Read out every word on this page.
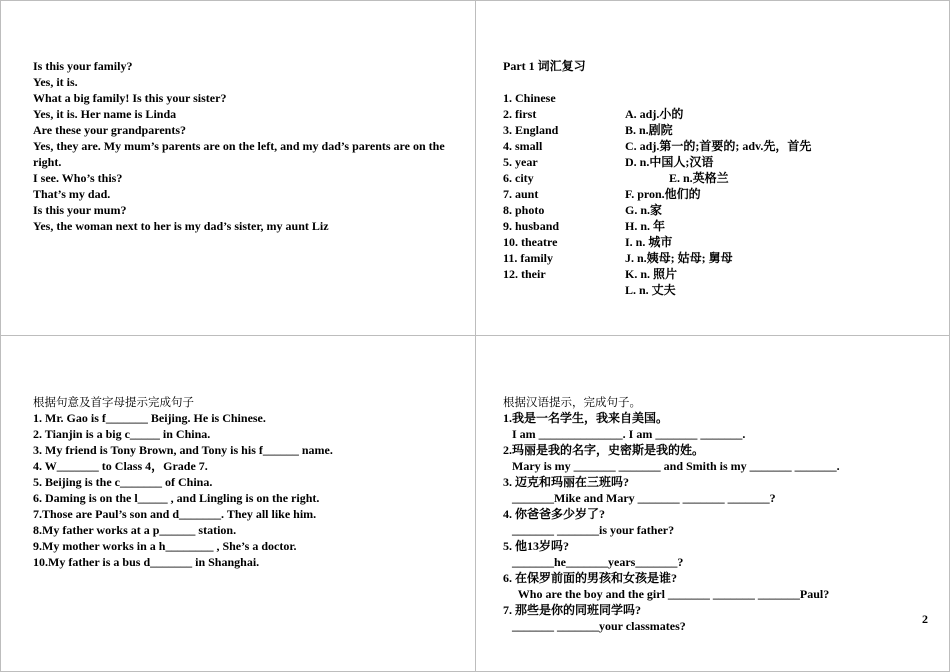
Is this your family?
Yes, it is.
What a big family! Is this your sister?
Yes, it is. Her name is Linda
Are these your grandparents?
Yes, they are. My mum’s parents are on the left, and my dad’s parents are on the right.
I see. Who’s this?
That’s my dad.
Is this your mum?
Yes, the woman next to her is my dad’s sister, my aunt Liz
Part 1 词汇复习

1. Chinese

A. adj.小的

2. first

B. n.剧院

3. England

C. adj.第一的;首要的; adv.先，首先

4. small

D. n.中国人;汉语

5. year

E. n.英格兰

6. city

F. pron.他们的

7. aunt

G. n.家

8. photo

H. n. 年

9. husband

I. n. 城市

10. theatre

J. n.姨母; 姑母; 舅母

11. family

K. n. 照片

12. their

L. n. 丈夫

根据句意及首字母提示完成句子
1. Mr. Gao is f_______ Beijing. He is Chinese.
2. Tianjin is a big c_____ in China.
3. My friend is Tony Brown, and Tony is his f______ name.
4. W_______ to Class 4，Grade 7.
5. Beijing is the c_______ of China.
6. Daming is on the l_____ , and Lingling is on the right.
7.Those are Paul’s son and d_______. They all like him.
8.My father works at a p______ station.
9.My mother works in a h________ , She’s a doctor.
10.My father is a bus d_______ in Shanghai.
根据汉语提示，完成句子。
1.我是一名学生，我来自美国。
I am ______________. I am _______ _______.
2.玛丽是我的名字，史密斯是我的姓。
Mary is my _______ _______ and Smith is my _______ _______.
3. 迈克和玛丽在三班吗?
_______Mike and Mary _______ _______ _______?
4. 你爸爸多少岁了?
_______ _______is your father?
5. 他13岁吗?
_______he_______years_______?
6. 在保罗前面的男孩和女孩是谁?
Who are the boy and the girl _______ _______ _______Paul?
7. 那些是你的同班同学吗?
_______ _______your classmates?	2
